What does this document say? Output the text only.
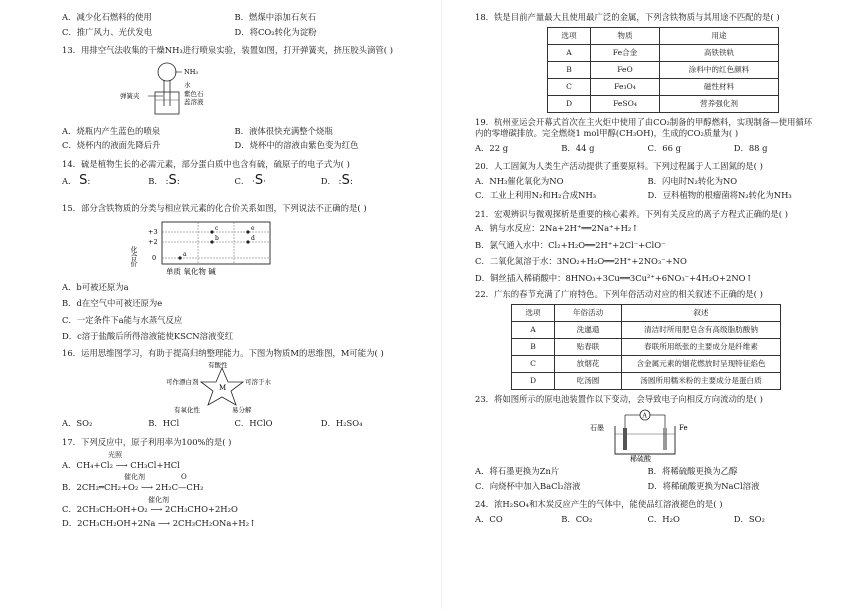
A．减少化石燃料的使用	B．燃煤中添加石灰石
C．推广风力、光伏发电	D．将CO₂转化为淀粉
13．用排空气法收集的干燥NH₃进行喷泉实验，装置如图，打开弹簧夹，挤压胶头滴管( )
NH₃
水
紫色石
蕊溶液
弹簧夹
A．烧瓶内产生蓝色的喷泉	B．液体很快充满整个烧瓶
C．烧杯内的液面先降后升	D．烧杯中的溶液由紫色变为红色
14．硫是植物生长的必需元素，部分蛋白质中也含有硫，硫原子的电子式为( )
A． S:	B． :S:	C． ·S·	D． :S:
15．部分含铁物质的分类与相应铁元素的化合价关系如图，下列说法不正确的是( )
化合价
+3
+2
0	a
b
c
d
e
单质 氧化物 碱
A．b可被还原为a
B．d在空气中可被还原为e
C．一定条件下a能与水蒸气反应
D．c溶于盐酸后所得溶液能使KSCN溶液变红
16．运用思维图学习，有助于提高归纳整理能力。下图为物质M的思维图，M可能为( )
M
有酸性
可溶于水
易分解
有氧化性
可作漂白剂
A．SO₂	B．HCl	C．HClO	D．H₂SO₄
17．下列反应中，原子利用率为100%的是( )
光照
A．CH₄+Cl₂ ⟶ CH₃Cl+HCl
催化剂	O
B．2CH₂═CH₂+O₂ ⟶ 2H₂C—CH₂
催化剂
C．2CH₃CH₂OH+O₂ ⟶ 2CH₃CHO+2H₂O
D．2CH₃CH₂OH+2Na ⟶ 2CH₃CH₂ONa+H₂↑
18．铁是目前产量最大且使用最广泛的金属，下列含铁物质与其用途不匹配的是( )
选项	物质	用途
A	Fe合金	高铁铁轨
B	FeO	涂料中的红色颜料
C	Fe₃O₄	磁性材料
D	FeSO₄	营养强化剂
19．杭州亚运会开幕式首次在主火炬中使用了由CO₂制备的甲醇燃料，实现制备—使用循环
内的零增碳排放。完全燃烧1 mol甲醇(CH₃OH)，生成的CO₂质量为( )
A．22 g	B．44 g	C．66 g	D．88 g
20．人工固氮为人类生产活动提供了重要原料。下列过程属于人工固氮的是( )
A．NH₃催化氧化为NO	B．闪电时N₂转化为NO
C．工业上利用N₂和H₂合成NH₃	D．豆科植物的根瘤菌将N₂转化为NH₃
21．宏观辨识与微观探析是重要的核心素养。下列有关反应的离子方程式正确的是( )
A．钠与水反应：2Na+2H⁺══2Na⁺+H₂↑
B．氯气通入水中：Cl₂+H₂O══2H⁺+2Cl⁻+ClO⁻
C．二氧化氮溶于水：3NO₂+H₂O══2H⁺+2NO₃⁻+NO
D．铜丝插入稀硝酸中：8HNO₃+3Cu══3Cu²⁺+6NO₃⁻+4H₂O+2NO↑
22．广东的春节充满了广府特色。下列年俗活动对应的相关叙述不正确的是( )
选项	年俗活动	叙述
A	洗邋遢	清洁时所用肥皂含有高级脂肪酸钠
B	贴春联	春联所用纸张的主要成分是纤维素
C	放烟花	含金属元素的烟花燃放时呈现特征焰色
D	吃汤圆	汤圆所用糯米粉的主要成分是蛋白质
23．将如图所示的原电池装置作以下变动，会导致电子向相反方向流动的是( )
A
石墨	Fe
稀硫酸
A．将石墨更换为Zn片	B．将稀硫酸更换为乙醇
C．向烧杯中加入BaCl₂溶液	D．将稀硫酸更换为NaCl溶液
24．浓H₂SO₄和木炭反应产生的气体中，能使品红溶液褪色的是( )
A．CO	B．CO₂	C．H₂O	D．SO₂
